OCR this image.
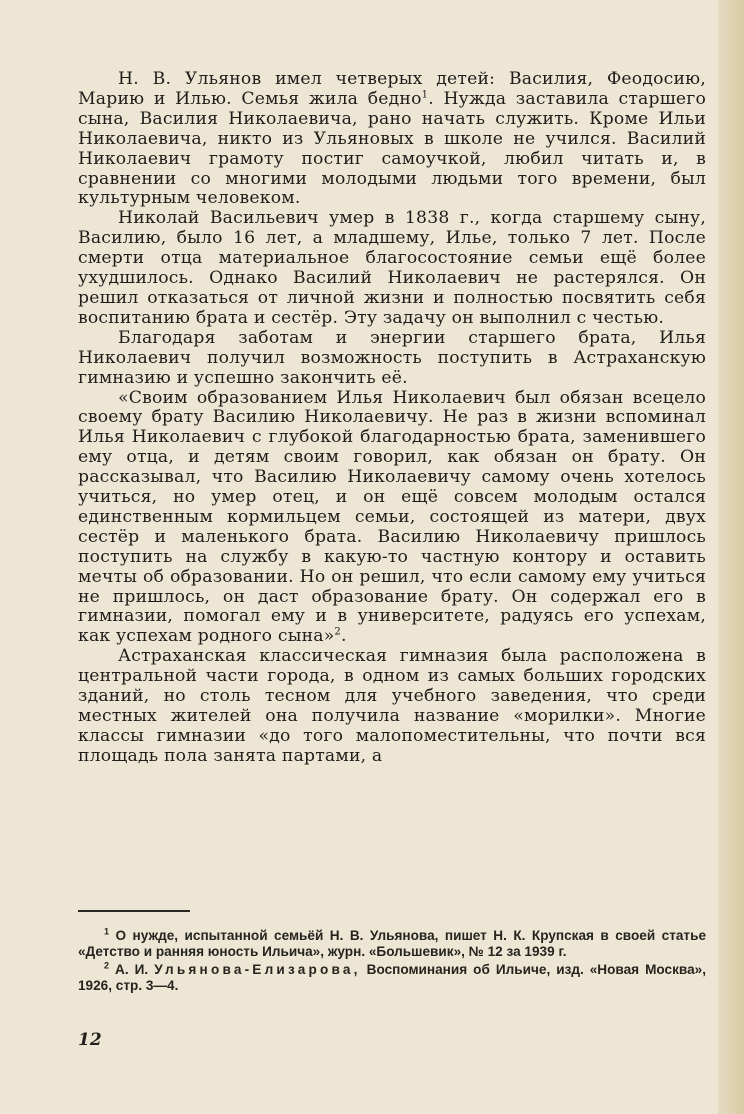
Н. В. Ульянов имел четверых детей: Василия, Феодосию, Марию и Илью. Семья жила бедно$^1$. Нужда заставила старшего сына, Василия Николаевича, рано начать служить. Кроме Ильи Николаевича, никто из Ульяновых в школе не учился. Василий Николаевич грамоту постиг самоучкой, любил читать и, в сравнении со многими молодыми людьми того времени, был культурным человеком.

Николай Васильевич умер в 1838 г., когда старшему сыну, Василию, было 16 лет, а младшему, Илье, только 7 лет. После смерти отца материальное благосостояние семьи ещё более ухудшилось. Однако Василий Николаевич не растерялся. Он решил отказаться от личной жизни и полностью посвятить себя воспитанию брата и сестёр. Эту задачу он выполнил с честью.

Благодаря заботам и энергии старшего брата, Илья Николаевич получил возможность поступить в Астраханскую гимназию и успешно закончить её.

«Своим образованием Илья Николаевич был обязан всецело своему брату Василию Николаевичу. Не раз в жизни вспоминал Илья Николаевич с глубокой благодарностью брата, заменившего ему отца, и детям своим говорил, как обязан он брату. Он рассказывал, что Василию Николаевичу самому очень хотелось учиться, но умер отец, и он ещё совсем молодым остался единственным кормильцем семьи, состоящей из матери, двух сестёр и маленького брата. Василию Николаевичу пришлось поступить на службу в какую-то частную контору и оставить мечты об образовании. Но он решил, что если самому ему учиться не пришлось, он даст образование брату. Он содержал его в гимназии, помогал ему и в университете, радуясь его успехам, как успехам родного сына»$^2$.

Астраханская классическая гимназия была расположена в центральной части города, в одном из самых больших городских зданий, но столь тесном для учебного заведения, что среди местных жителей она получила название «морилки». Многие классы гимназии «до того малопоместительны, что почти вся площадь пола занята партами, а

$^1$ О нужде, испытанной семьёй Н. В. Ульянова, пишет Н. К. Крупская в своей статье «Детство и ранняя юность Ильича», журн. «Большевик», № 12 за 1939 г.

$^2$ А. И. Ульянова-Елизарова, Воспоминания об Ильиче, изд. «Новая Москва», 1926, стр. 3—4.

12
